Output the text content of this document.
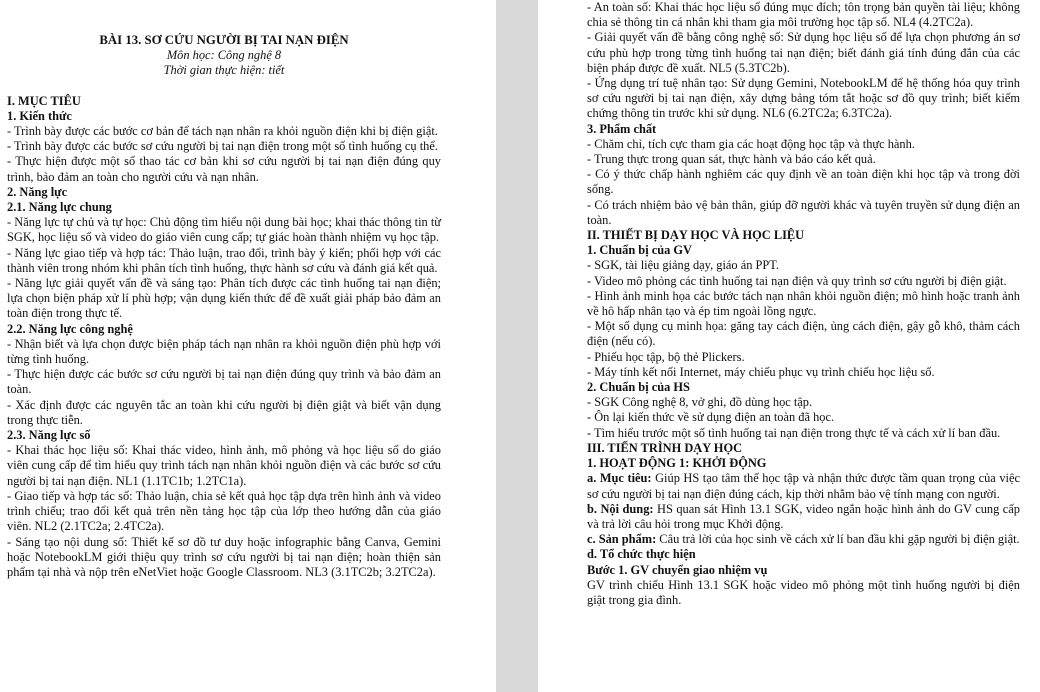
BÀI 13. SƠ CỨU NGƯỜI BỊ TAI NẠN ĐIỆN
Môn học: Công nghệ 8
Thời gian thực hiện: tiết
I. MỤC TIÊU
1. Kiến thức
- Trình bày được các bước cơ bản để tách nạn nhân ra khỏi nguồn điện khi bị điện giật.
- Trình bày được các bước sơ cứu người bị tai nạn điện trong một số tình huống cụ thể.
- Thực hiện được một số thao tác cơ bản khi sơ cứu người bị tai nạn điện đúng quy trình, bảo đảm an toàn cho người cứu và nạn nhân.
2. Năng lực
2.1. Năng lực chung
- Năng lực tự chủ và tự học: Chủ động tìm hiểu nội dung bài học; khai thác thông tin từ SGK, học liệu số và video do giáo viên cung cấp; tự giác hoàn thành nhiệm vụ học tập.
- Năng lực giao tiếp và hợp tác: Thảo luận, trao đổi, trình bày ý kiến; phối hợp với các thành viên trong nhóm khi phân tích tình huống, thực hành sơ cứu và đánh giá kết quả.
- Năng lực giải quyết vấn đề và sáng tạo: Phân tích được các tình huống tai nạn điện; lựa chọn biện pháp xử lí phù hợp; vận dụng kiến thức để đề xuất giải pháp bảo đảm an toàn điện trong thực tế.
2.2. Năng lực công nghệ
- Nhận biết và lựa chọn được biện pháp tách nạn nhân ra khỏi nguồn điện phù hợp với từng tình huống.
- Thực hiện được các bước sơ cứu người bị tai nạn điện đúng quy trình và bảo đảm an toàn.
- Xác định được các nguyên tắc an toàn khi cứu người bị điện giật và biết vận dụng trong thực tiễn.
2.3. Năng lực số
- Khai thác học liệu số: Khai thác video, hình ảnh, mô phỏng và học liệu số do giáo viên cung cấp để tìm hiểu quy trình tách nạn nhân khỏi nguồn điện và các bước sơ cứu người bị tai nạn điện. NL1 (1.1TC1b; 1.2TC1a).
- Giao tiếp và hợp tác số: Thảo luận, chia sẻ kết quả học tập dựa trên hình ảnh và video trình chiếu; trao đổi kết quả trên nền tảng học tập của lớp theo hướng dẫn của giáo viên. NL2 (2.1TC2a; 2.4TC2a).
- Sáng tạo nội dung số: Thiết kế sơ đồ tư duy hoặc infographic bằng Canva, Gemini hoặc NotebookLM giới thiệu quy trình sơ cứu người bị tai nạn điện; hoàn thiện sản phẩm tại nhà và nộp trên eNetViet hoặc Google Classroom. NL3 (3.1TC2b; 3.2TC2a).
- An toàn số: Khai thác học liệu số đúng mục đích; tôn trọng bản quyền tài liệu; không chia sẻ thông tin cá nhân khi tham gia môi trường học tập số. NL4 (4.2TC2a).
- Giải quyết vấn đề bằng công nghệ số: Sử dụng học liệu số để lựa chọn phương án sơ cứu phù hợp trong từng tình huống tai nạn điện; biết đánh giá tính đúng đắn của các biện pháp được đề xuất. NL5 (5.3TC2b).
- Ứng dụng trí tuệ nhân tạo: Sử dụng Gemini, NotebookLM để hệ thống hóa quy trình sơ cứu người bị tai nạn điện, xây dựng bảng tóm tắt hoặc sơ đồ quy trình; biết kiểm chứng thông tin trước khi sử dụng. NL6 (6.2TC2a; 6.3TC2a).
3. Phẩm chất
- Chăm chỉ, tích cực tham gia các hoạt động học tập và thực hành.
- Trung thực trong quan sát, thực hành và báo cáo kết quả.
- Có ý thức chấp hành nghiêm các quy định về an toàn điện khi học tập và trong đời sống.
- Có trách nhiệm bảo vệ bản thân, giúp đỡ người khác và tuyên truyền sử dụng điện an toàn.
II. THIẾT BỊ DẠY HỌC VÀ HỌC LIỆU
1. Chuẩn bị của GV
- SGK, tài liệu giảng dạy, giáo án PPT.
- Video mô phỏng các tình huống tai nạn điện và quy trình sơ cứu người bị điện giật.
- Hình ảnh minh họa các bước tách nạn nhân khỏi nguồn điện; mô hình hoặc tranh ảnh về hô hấp nhân tạo và ép tim ngoài lồng ngực.
- Một số dụng cụ minh họa: găng tay cách điện, ủng cách điện, gậy gỗ khô, thảm cách điện (nếu có).
- Phiếu học tập, bộ thẻ Plickers.
- Máy tính kết nối Internet, máy chiếu phục vụ trình chiếu học liệu số.
2. Chuẩn bị của HS
- SGK Công nghệ 8, vở ghi, đồ dùng học tập.
- Ôn lại kiến thức về sử dụng điện an toàn đã học.
- Tìm hiểu trước một số tình huống tai nạn điện trong thực tế và cách xử lí ban đầu.
III. TIẾN TRÌNH DẠY HỌC
1. HOẠT ĐỘNG 1: KHỞI ĐỘNG
a. Mục tiêu: Giúp HS tạo tâm thế học tập và nhận thức được tầm quan trọng của việc sơ cứu người bị tai nạn điện đúng cách, kịp thời nhằm bảo vệ tính mạng con người.
b. Nội dung: HS quan sát Hình 13.1 SGK, video ngắn hoặc hình ảnh do GV cung cấp và trả lời câu hỏi trong mục Khởi động.
c. Sản phẩm: Câu trả lời của học sinh về cách xử lí ban đầu khi gặp người bị điện giật.
d. Tổ chức thực hiện
Bước 1. GV chuyển giao nhiệm vụ
GV trình chiếu Hình 13.1 SGK hoặc video mô phỏng một tình huống người bị điện giật trong gia đình.
